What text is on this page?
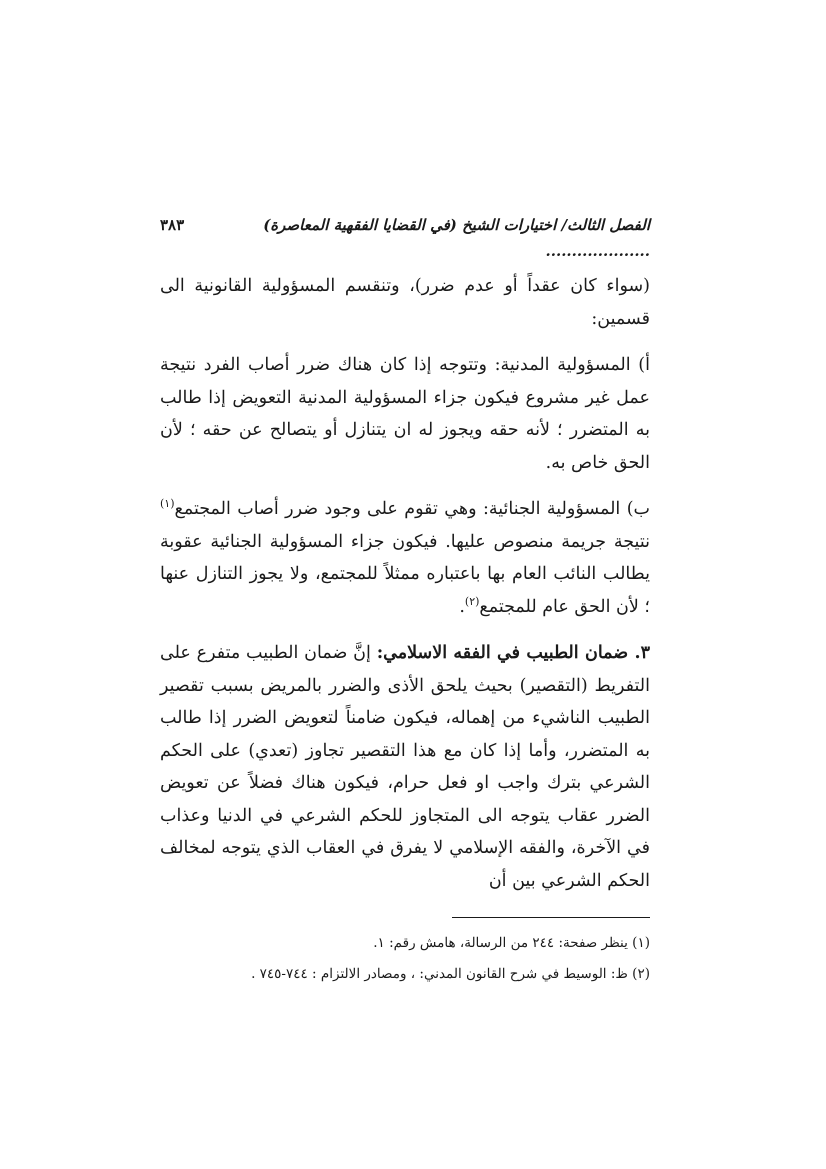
الفصل الثالث/ اختيارات الشيخ (في القضايا الفقهية المعاصرة) ....................
٣٨٣

(سواء كان عقداً أو عدم ضرر)، وتنقسم المسؤولية القانونية الى قسمين:

أ) المسؤولية المدنية: وتتوجه إذا كان هناك ضرر أصاب الفرد نتيجة عمل غير مشروع فيكون جزاء المسؤولية المدنية التعويض إذا طالب به المتضرر ؛ لأنه حقه ويجوز له ان يتنازل أو يتصالح عن حقه ؛ لأن الحق خاص به.

ب) المسؤولية الجنائية: وهي تقوم على وجود ضرر أصاب المجتمع$^{(١)}$ نتيجة جريمة منصوص عليها. فيكون جزاء المسؤولية الجنائية عقوبة يطالب النائب العام بها باعتباره ممثلاً للمجتمع، ولا يجوز التنازل عنها ؛ لأن الحق عام للمجتمع$^{(٢)}$.

٣. ضمان الطبيب في الفقه الاسلامي: إنَّ ضمان الطبيب متفرع على التفريط (التقصير) بحيث يلحق الأذى والضرر بالمريض بسبب تقصير الطبيب الناشيء من إهماله، فيكون ضامناً لتعويض الضرر إذا طالب به المتضرر، وأما إذا كان مع هذا التقصير تجاوز (تعدي) على الحكم الشرعي بترك واجب او فعل حرام، فيكون هناك فضلاً عن تعويض الضرر عقاب يتوجه الى المتجاوز للحكم الشرعي في الدنيا وعذاب في الآخرة، والفقه الإسلامي لا يفرق في العقاب الذي يتوجه لمخالف الحكم الشرعي بين أن

(١) ينظر صفحة: ٢٤٤ من الرسالة، هامش رقم: ١.
(٢) ظ: الوسيط في شرح القانون المدني: ، ومصادر الالتزام : ٧٤٤-٧٤٥ .
